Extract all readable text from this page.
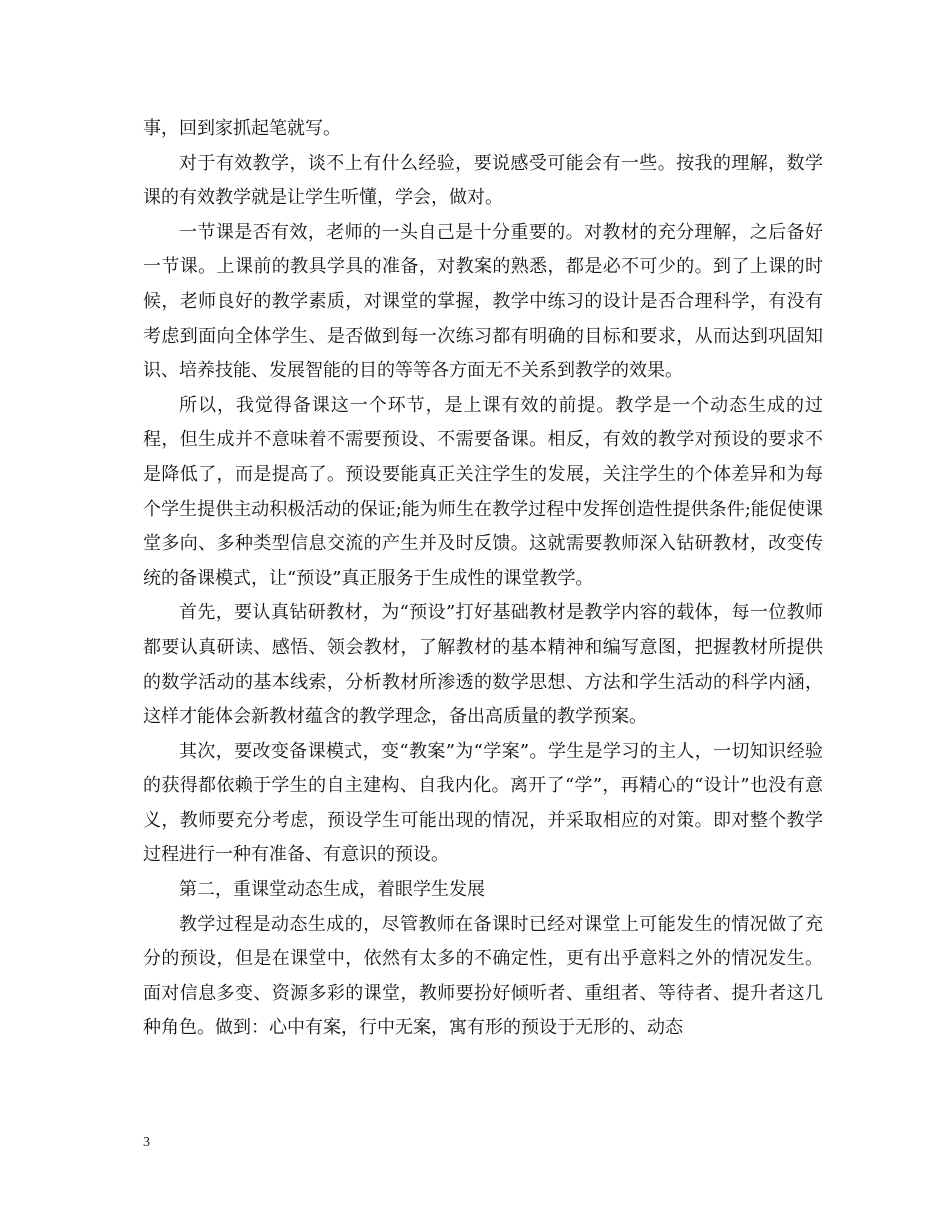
事，回到家抓起笔就写。

对于有效教学，谈不上有什么经验，要说感受可能会有一些。按我的理解，数学课的有效教学就是让学生听懂，学会，做对。

一节课是否有效，老师的一头自己是十分重要的。对教材的充分理解，之后备好一节课。上课前的教具学具的准备，对教案的熟悉，都是必不可少的。到了上课的时候，老师良好的教学素质，对课堂的掌握，教学中练习的设计是否合理科学，有没有考虑到面向全体学生、是否做到每一次练习都有明确的目标和要求，从而达到巩固知识、培养技能、发展智能的目的等等各方面无不关系到教学的效果。

所以，我觉得备课这一个环节，是上课有效的前提。教学是一个动态生成的过程，但生成并不意味着不需要预设、不需要备课。相反，有效的教学对预设的要求不是降低了，而是提高了。预设要能真正关注学生的发展，关注学生的个体差异和为每个学生提供主动积极活动的保证;能为师生在教学过程中发挥创造性提供条件;能促使课堂多向、多种类型信息交流的产生并及时反馈。这就需要教师深入钻研教材，改变传统的备课模式，让“预设”真正服务于生成性的课堂教学。

首先，要认真钻研教材，为“预设”打好基础教材是教学内容的载体，每一位教师都要认真研读、感悟、领会教材，了解教材的基本精神和编写意图，把握教材所提供的数学活动的基本线索，分析教材所渗透的数学思想、方法和学生活动的科学内涵，这样才能体会新教材蕴含的教学理念，备出高质量的教学预案。

其次，要改变备课模式，变“教案”为“学案”。学生是学习的主人，一切知识经验的获得都依赖于学生的自主建构、自我内化。离开了“学”，再精心的“设计”也没有意义，教师要充分考虑，预设学生可能出现的情况，并采取相应的对策。即对整个教学过程进行一种有准备、有意识的预设。

第二，重课堂动态生成，着眼学生发展

教学过程是动态生成的，尽管教师在备课时已经对课堂上可能发生的情况做了充分的预设，但是在课堂中，依然有太多的不确定性，更有出乎意料之外的情况发生。面对信息多变、资源多彩的课堂，教师要扮好倾听者、重组者、等待者、提升者这几种角色。做到：心中有案，行中无案，寓有形的预设于无形的、动态

3
